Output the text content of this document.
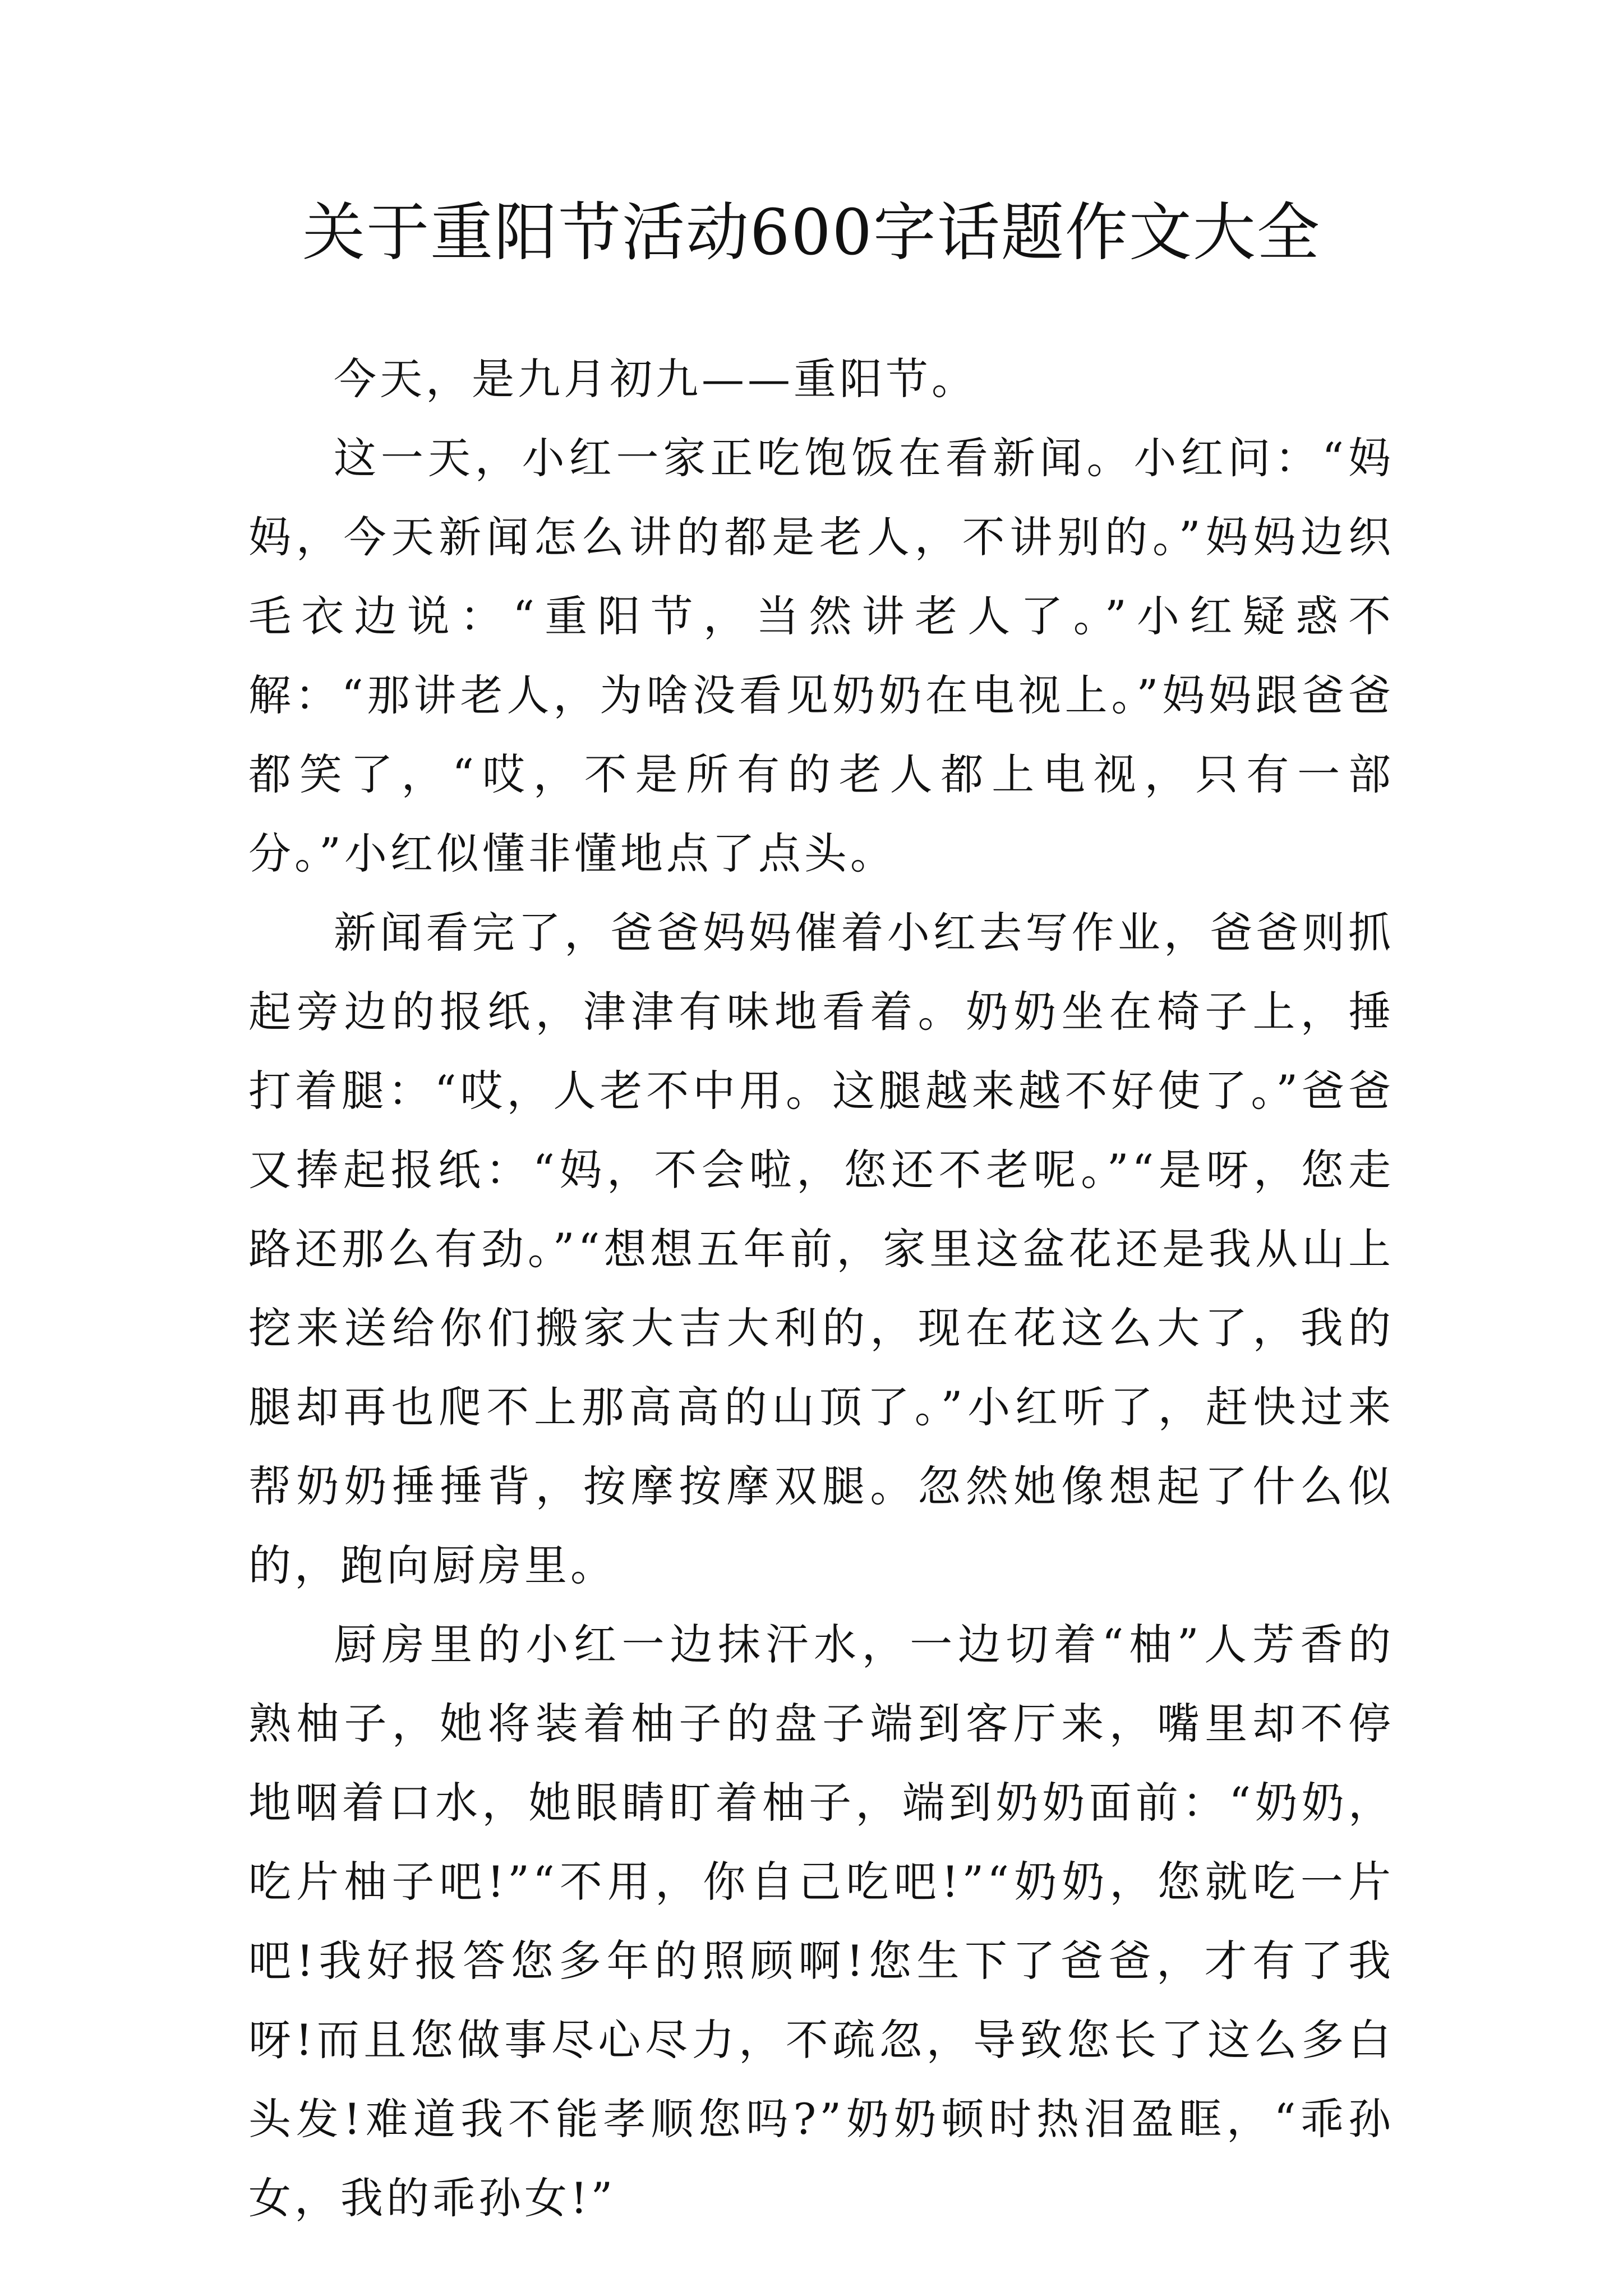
关于重阳节活动600字话题作文大全

今天，是九月初九——重阳节。

这一天，小红一家正吃饱饭在看新闻。小红问：“妈妈，今天新闻怎么讲的都是老人，不讲别的。”妈妈边织毛衣边说：“重阳节，当然讲老人了。”小红疑惑不解：“那讲老人，为啥没看见奶奶在电视上。”妈妈跟爸爸都笑了，“哎，不是所有的老人都上电视，只有一部分。”小红似懂非懂地点了点头。

新闻看完了，爸爸妈妈催着小红去写作业，爸爸则抓起旁边的报纸，津津有味地看着。奶奶坐在椅子上，捶打着腿：“哎，人老不中用。这腿越来越不好使了。”爸爸又捧起报纸：“妈，不会啦，您还不老呢。”“是呀，您走路还那么有劲。”“想想五年前，家里这盆花还是我从山上挖来送给你们搬家大吉大利的，现在花这么大了，我的腿却再也爬不上那高高的山顶了。”小红听了，赶快过来帮奶奶捶捶背，按摩按摩双腿。忽然她像想起了什么似的，跑向厨房里。

厨房里的小红一边抹汗水，一边切着“柚”人芳香的熟柚子，她将装着柚子的盘子端到客厅来，嘴里却不停地咽着口水，她眼睛盯着柚子，端到奶奶面前：“奶奶，吃片柚子吧!”“不用，你自己吃吧!”“奶奶，您就吃一片吧!我好报答您多年的照顾啊!您生下了爸爸，才有了我呀!而且您做事尽心尽力，不疏忽，导致您长了这么多白头发!难道我不能孝顺您吗?”奶奶顿时热泪盈眶，“乖孙女，我的乖孙女!”
